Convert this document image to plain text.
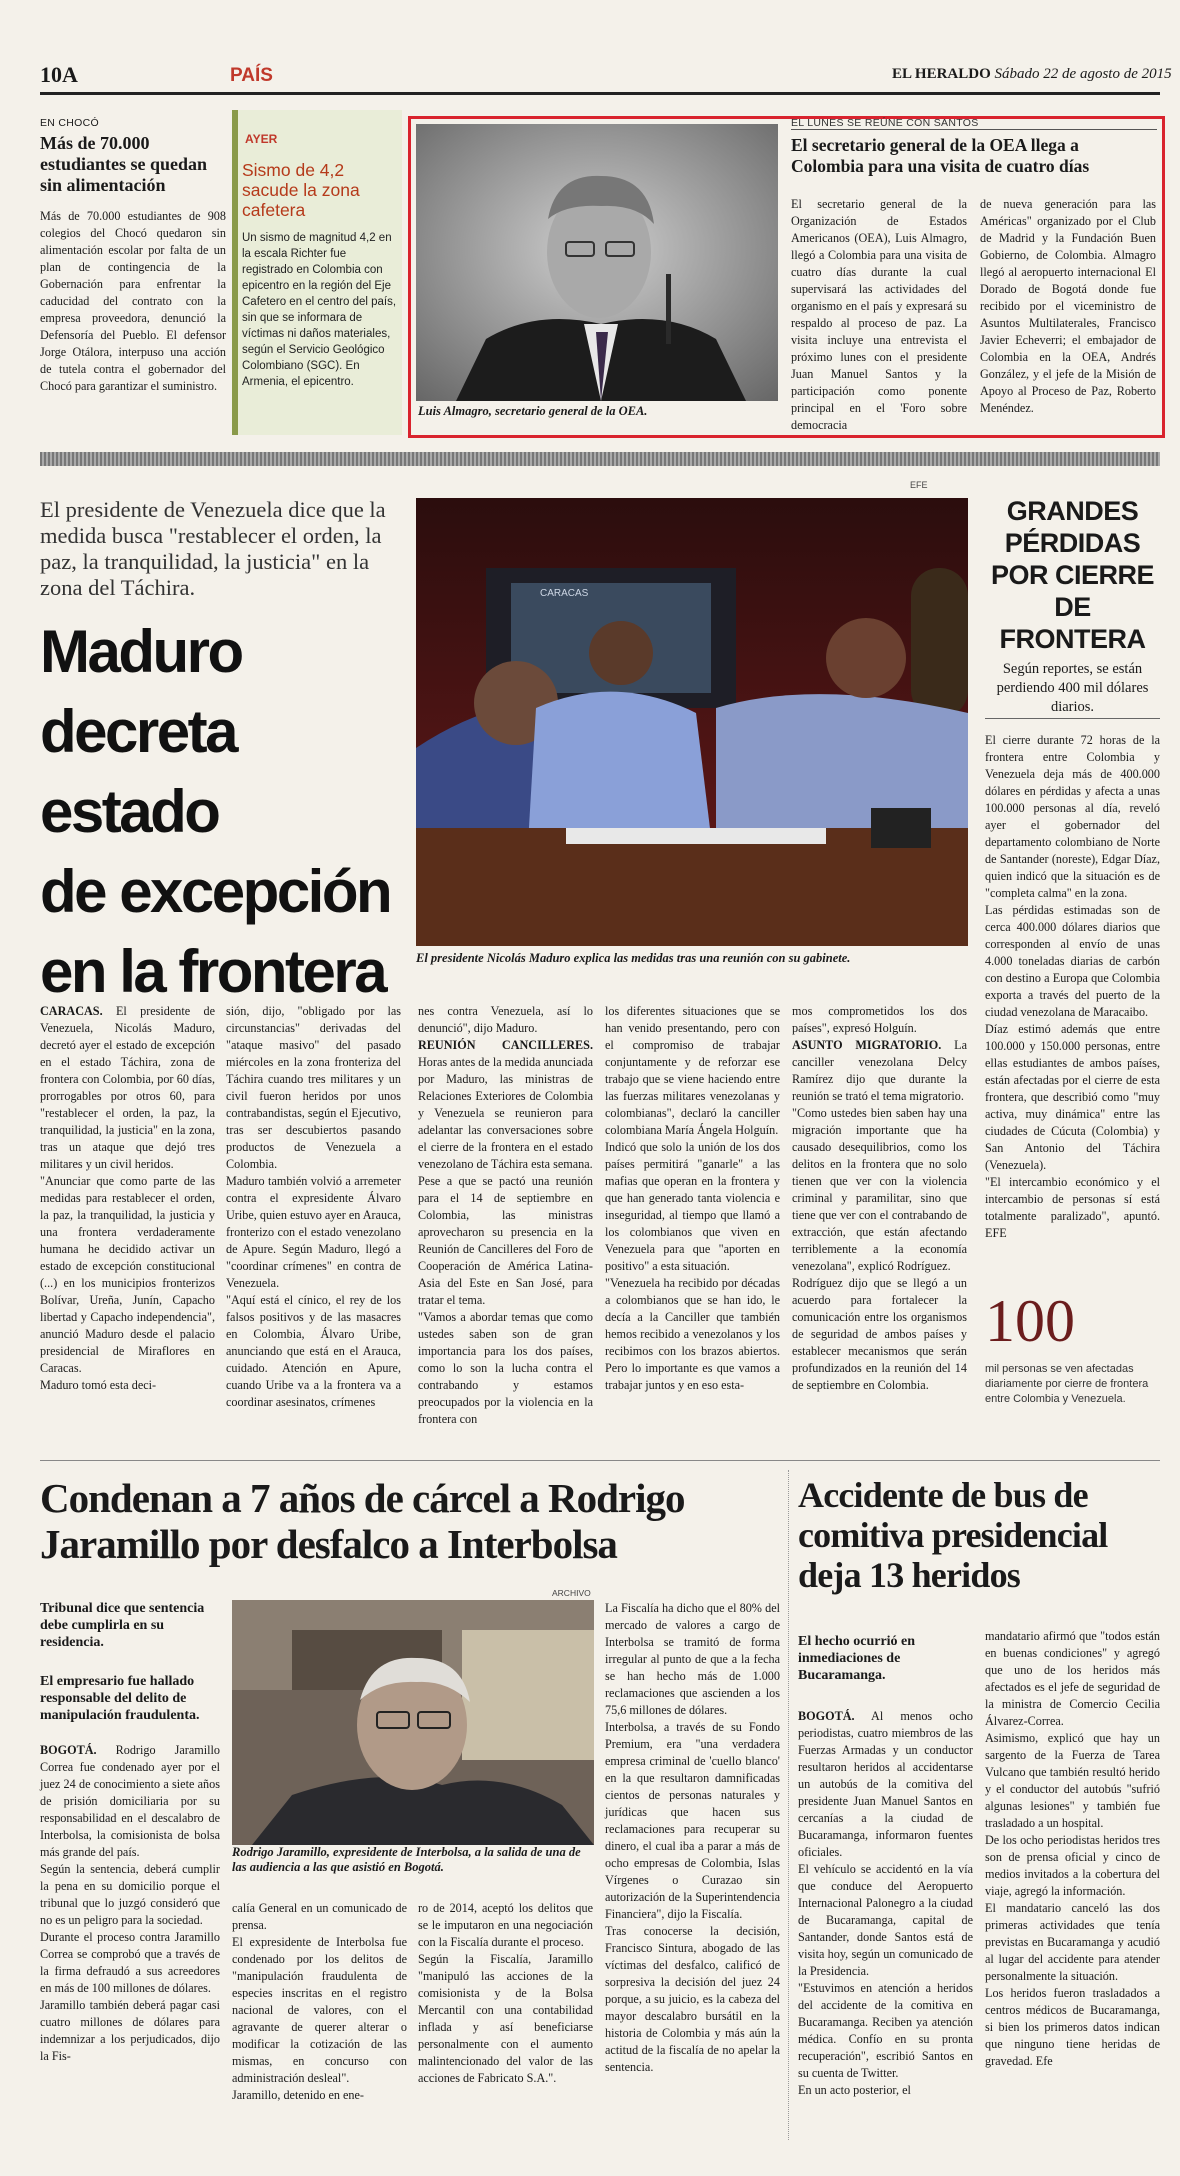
10A	PAÍS	EL HERALDO Sábado 22 de agosto de 2015
EN CHOCÓ
Más de 70.000 estudiantes se quedan sin alimentación
Más de 70.000 estudiantes de 908 colegios del Chocó quedaron sin alimentación escolar por falta de un plan de contingencia de la Gobernación para enfrentar la caducidad del contrato con la empresa proveedora, denunció la Defensoría del Pueblo. El defensor Jorge Otálora, interpuso una acción de tutela contra el gobernador del Chocó para garantizar el suministro.
AYER
Sismo de 4,2 sacude la zona cafetera
Un sismo de magnitud 4,2 en la escala Richter fue registrado en Colombia con epicentro en la región del Eje Cafetero en el centro del país, sin que se informara de víctimas ni daños materiales, según el Servicio Geológico Colombiano (SGC). En Armenia, el epicentro.
Luis Almagro, secretario general de la OEA.
EL LUNES SE REÚNE CON SANTOS
El secretario general de la OEA llega a Colombia para una visita de cuatro días
El secretario general de la Organización de Estados Americanos (OEA), Luis Almagro, llegó a Colombia para una visita de cuatro días durante la cual supervisará las actividades del organismo en el país y expresará su respaldo al proceso de paz. La visita incluye una entrevista el próximo lunes con el presidente Juan Manuel Santos y la participación como ponente principal en el 'Foro sobre democracia
de nueva generación para las Américas" organizado por el Club de Madrid y la Fundación Buen Gobierno, de Colombia. Almagro llegó al aeropuerto internacional El Dorado de Bogotá donde fue recibido por el viceministro de Asuntos Multilaterales, Francisco Javier Echeverri; el embajador de Colombia en la OEA, Andrés González, y el jefe de la Misión de Apoyo al Proceso de Paz, Roberto Menéndez.
El presidente de Venezuela dice que la medida busca "restablecer el orden, la paz, la tranquilidad, la justicia" en la zona del Táchira.
Maduro
decreta estado
de excepción
en la frontera
EFE
CARACAS
El presidente Nicolás Maduro explica las medidas tras una reunión con su gabinete.
CARACAS. El presidente de Venezuela, Nicolás Maduro, decretó ayer el estado de excepción en el estado Táchira, zona de frontera con Colombia, por 60 días, prorrogables por otros 60, para "restablecer el orden, la paz, la tranquilidad, la justicia" en la zona, tras un ataque que dejó tres militares y un civil heridos.
"Anunciar que como parte de las medidas para restablecer el orden, la paz, la tranquilidad, la justicia y una frontera verdaderamente humana he decidido activar un estado de excepción constitucional (...) en los municipios fronterizos Bolívar, Ureña, Junín, Capacho libertad y Capacho independencia", anunció Maduro desde el palacio presidencial de Miraflores en Caracas.
Maduro tomó esta deci-
sión, dijo, "obligado por las circunstancias" derivadas del "ataque masivo" del pasado miércoles en la zona fronteriza del Táchira cuando tres militares y un civil fueron heridos por unos contrabandistas, según el Ejecutivo, tras ser descubiertos pasando productos de Venezuela a Colombia.
Maduro también volvió a arremeter contra el expresidente Álvaro Uribe, quien estuvo ayer en Arauca, fronterizo con el estado venezolano de Apure. Según Maduro, llegó a "coordinar crímenes" en contra de Venezuela.
"Aquí está el cínico, el rey de los falsos positivos y de las masacres en Colombia, Álvaro Uribe, anunciando que está en el Arauca, cuidado. Atención en Apure, cuando Uribe va a la frontera va a coordinar asesinatos, crímenes
nes contra Venezuela, así lo denunció", dijo Maduro.
REUNIÓN CANCILLERES. Horas antes de la medida anunciada por Maduro, las ministras de Relaciones Exteriores de Colombia y Venezuela se reunieron para adelantar las conversaciones sobre el cierre de la frontera en el estado venezolano de Táchira esta semana.
Pese a que se pactó una reunión para el 14 de septiembre en Colombia, las ministras aprovecharon su presencia en la Reunión de Cancilleres del Foro de Cooperación de América Latina-Asia del Este en San José, para tratar el tema.
"Vamos a abordar temas que como ustedes saben son de gran importancia para los dos países, como lo son la lucha contra el contrabando y estamos preocupados por la violencia en la frontera con
los diferentes situaciones que se han venido presentando, pero con el compromiso de trabajar conjuntamente y de reforzar ese trabajo que se viene haciendo entre las fuerzas militares venezolanas y colombianas", declaró la canciller colombiana María Ángela Holguín.
Indicó que solo la unión de los dos países permitirá "ganarle" a las mafias que operan en la frontera y que han generado tanta violencia e inseguridad, al tiempo que llamó a los colombianos que viven en Venezuela para que "aporten en positivo" a esta situación.
"Venezuela ha recibido por décadas a colombianos que se han ido, le decía a la Canciller que también hemos recibido a venezolanos y los recibimos con los brazos abiertos. Pero lo importante es que vamos a trabajar juntos y en eso esta-
mos comprometidos los dos países", expresó Holguín.
ASUNTO MIGRATORIO. La canciller venezolana Delcy Ramírez dijo que durante la reunión se trató el tema migratorio.
"Como ustedes bien saben hay una migración importante que ha causado desequilibrios, como los delitos en la frontera que no solo tienen que ver con la violencia criminal y paramilitar, sino que tiene que ver con el contrabando de extracción, que están afectando terriblemente a la economía venezolana", explicó Rodríguez.
Rodríguez dijo que se llegó a un acuerdo para fortalecer la comunicación entre los organismos de seguridad de ambos países y establecer mecanismos que serán profundizados en la reunión del 14 de septiembre en Colombia.
GRANDES PÉRDIDAS POR CIERRE DE FRONTERA
Según reportes, se están perdiendo 400 mil dólares diarios.
El cierre durante 72 horas de la frontera entre Colombia y Venezuela deja más de 400.000 dólares en pérdidas y afecta a unas 100.000 personas al día, reveló ayer el gobernador del departamento colombiano de Norte de Santander (noreste), Edgar Díaz, quien indicó que la situación es de "completa calma" en la zona.
Las pérdidas estimadas son de cerca 400.000 dólares diarios que corresponden al envío de unas 4.000 toneladas diarias de carbón con destino a Europa que Colombia exporta a través del puerto de la ciudad venezolana de Maracaibo.
Díaz estimó además que entre 100.000 y 150.000 personas, entre ellas estudiantes de ambos países, están afectadas por el cierre de esta frontera, que describió como "muy activa, muy dinámica" entre las ciudades de Cúcuta (Colombia) y San Antonio del Táchira (Venezuela).
"El intercambio económico y el intercambio de personas sí está totalmente paralizado", apuntó. EFE
100
mil personas se ven afectadas diariamente por cierre de frontera entre Colombia y Venezuela.
Condenan a 7 años de cárcel a Rodrigo Jaramillo por desfalco a Interbolsa
ARCHIVO
Tribunal dice que sentencia debe cumplirla en su residencia.
El empresario fue hallado responsable del delito de manipulación fraudulenta.
Rodrigo Jaramillo, expresidente de Interbolsa, a la salida de una de las audiencia a las que asistió en Bogotá.
BOGOTÁ. Rodrigo Jaramillo Correa fue condenado ayer por el juez 24 de conocimiento a siete años de prisión domiciliaria por su responsabilidad en el descalabro de Interbolsa, la comisionista de bolsa más grande del país.
Según la sentencia, deberá cumplir la pena en su domicilio porque el tribunal que lo juzgó consideró que no es un peligro para la sociedad.
Durante el proceso contra Jaramillo Correa se comprobó que a través de la firma defraudó a sus acreedores en más de 100 millones de dólares.
Jaramillo también deberá pagar casi cuatro millones de dólares para indemnizar a los perjudicados, dijo la Fis-
calía General en un comunicado de prensa.
El expresidente de Interbolsa fue condenado por los delitos de "manipulación fraudulenta de especies inscritas en el registro nacional de valores, con el agravante de querer alterar o modificar la cotización de las mismas, en concurso con administración desleal".
Jaramillo, detenido en ene-
ro de 2014, aceptó los delitos que se le imputaron en una negociación con la Fiscalía durante el proceso.
Según la Fiscalía, Jaramillo "manipuló las acciones de la comisionista y de la Bolsa Mercantil con una contabilidad inflada y así beneficiarse personalmente con el aumento malintencionado del valor de las acciones de Fabricato S.A.".
La Fiscalía ha dicho que el 80% del mercado de valores a cargo de Interbolsa se tramitó de forma irregular al punto de que a la fecha se han hecho más de 1.000 reclamaciones que ascienden a los 75,6 millones de dólares.
Interbolsa, a través de su Fondo Premium, era "una verdadera empresa criminal de 'cuello blanco' en la que resultaron damnificadas cientos de personas naturales y jurídicas que hacen sus reclamaciones para recuperar su dinero, el cual iba a parar a más de ocho empresas de Colombia, Islas Vírgenes o Curazao sin autorización de la Superintendencia Financiera", dijo la Fiscalía.
Tras conocerse la decisión, Francisco Sintura, abogado de las víctimas del desfalco, calificó de sorpresiva la decisión del juez 24 porque, a su juicio, es la cabeza del mayor descalabro bursátil en la historia de Colombia y más aún la actitud de la fiscalía de no apelar la sentencia.
Accidente de bus de comitiva presidencial deja 13 heridos
El hecho ocurrió en inmediaciones de Bucaramanga.
BOGOTÁ. Al menos ocho periodistas, cuatro miembros de las Fuerzas Armadas y un conductor resultaron heridos al accidentarse un autobús de la comitiva del presidente Juan Manuel Santos en cercanías a la ciudad de Bucaramanga, informaron fuentes oficiales.
El vehículo se accidentó en la vía que conduce del Aeropuerto Internacional Palonegro a la ciudad de Bucaramanga, capital de Santander, donde Santos está de visita hoy, según un comunicado de la Presidencia.
"Estuvimos en atención a heridos del accidente de la comitiva en Bucaramanga. Reciben ya atención médica. Confío en su pronta recuperación", escribió Santos en su cuenta de Twitter.
En un acto posterior, el
mandatario afirmó que "todos están en buenas condiciones" y agregó que uno de los heridos más afectados es el jefe de seguridad de la ministra de Comercio Cecilia Álvarez-Correa.
Asimismo, explicó que hay un sargento de la Fuerza de Tarea Vulcano que también resultó herido y el conductor del autobús "sufrió algunas lesiones" y también fue trasladado a un hospital.
De los ocho periodistas heridos tres son de prensa oficial y cinco de medios invitados a la cobertura del viaje, agregó la información.
El mandatario canceló las dos primeras actividades que tenía previstas en Bucaramanga y acudió al lugar del accidente para atender personalmente la situación.
Los heridos fueron trasladados a centros médicos de Bucaramanga, si bien los primeros datos indican que ninguno tiene heridas de gravedad. Efe
